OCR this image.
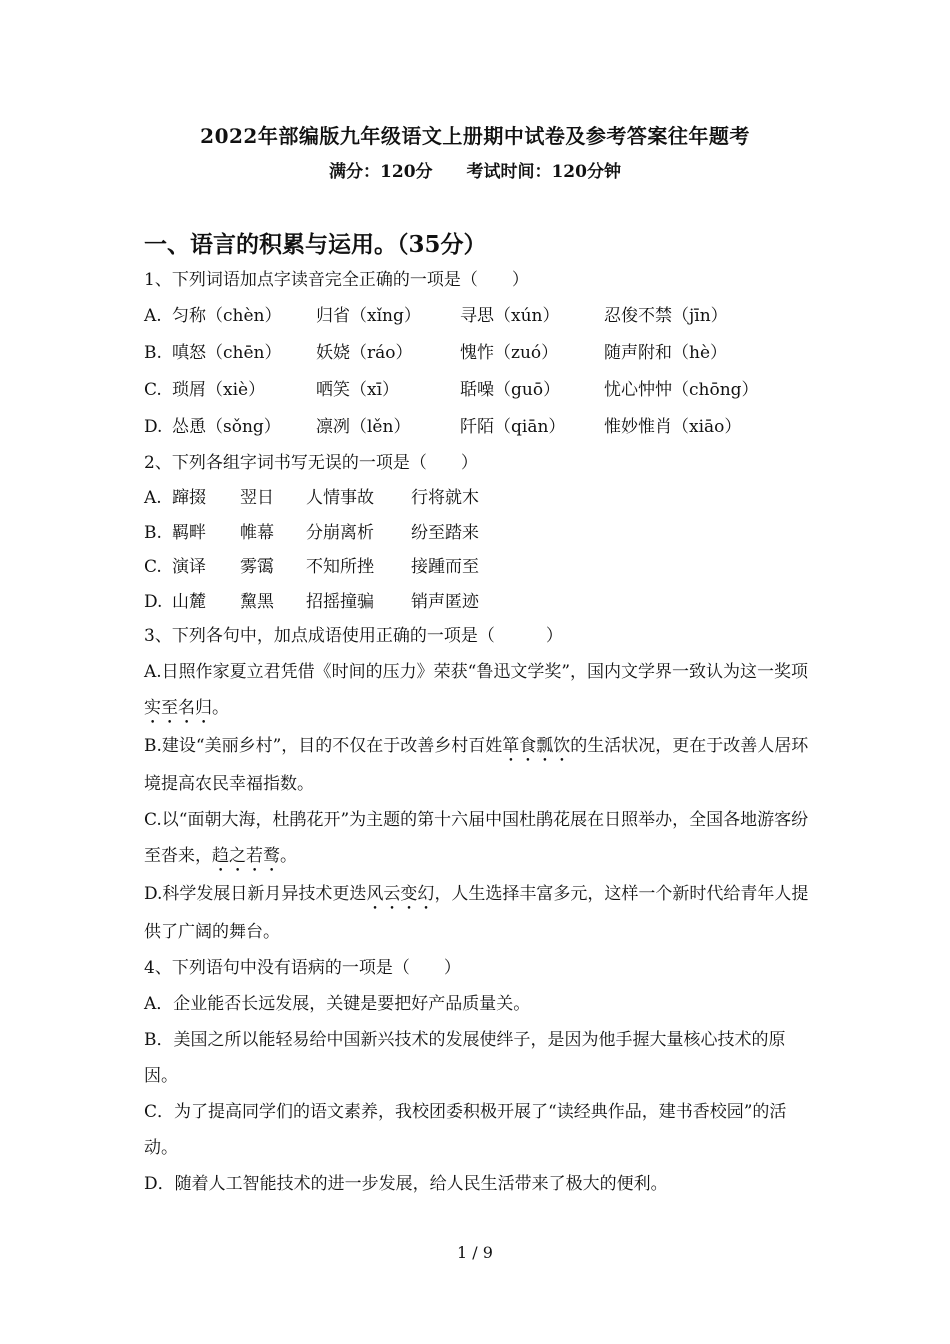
2022年部编版九年级语文上册期中试卷及参考答案往年题考
满分：120分 考试时间：120分钟
一、语言的积累与运用。（35分）
1、下列词语加点字读音完全正确的一项是（　　）
A. 匀称（chèn）	归省（xǐng）	寻思（xún）	忍俊不禁（jīn）
B. 嗔怒（chēn）	妖娆（ráo）	愧怍（zuó）	随声附和（hè）
C. 琐屑（xiè）	哂笑（xī）	聒噪（guō）	忧心忡忡（chōng）
D. 怂恿（sǒng）	凛冽（lěn）	阡陌（qiān）	惟妙惟肖（xiāo）
2、下列各组字词书写无误的一项是（　　）
A. 蹿掇	翌日	人情事故	行将就木
B. 羁畔	帷幕	分崩离析	纷至踏来
C. 演译	雾霭	不知所挫	接踵而至
D. 山麓	黧黑	招摇撞骗	销声匿迹
3、下列各句中，加点成语使用正确的一项是（　　　）
A.日照作家夏立君凭借《时间的压力》荣获“鲁迅文学奖”，国内文学界一致认为这一奖项实至名归。
B.建设“美丽乡村”，目的不仅在于改善乡村百姓箪食瓢饮的生活状况，更在于改善人居环境提高农民幸福指数。
C.以“面朝大海，杜鹃花开”为主题的第十六届中国杜鹃花展在日照举办，全国各地游客纷至沓来，趋之若鹜。
D.科学发展日新月异技术更迭风云变幻，人生选择丰富多元，这样一个新时代给青年人提供了广阔的舞台。
4、下列语句中没有语病的一项是（　　）
A．企业能否长远发展，关键是要把好产品质量关。
B．美国之所以能轻易给中国新兴技术的发展使绊子，是因为他手握大量核心技术的原因。
C．为了提高同学们的语文素养，我校团委积极开展了“读经典作品，建书香校园”的活动。
D．随着人工智能技术的进一步发展，给人民生活带来了极大的便利。
1 / 9
